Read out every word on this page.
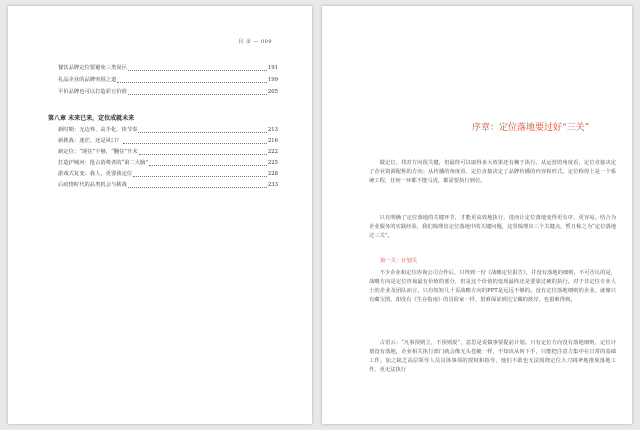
目 录 — 009
餐饮品牌定位要避免三类误区	191
礼品企业的品牌突围之道	199
平价品牌也可以打造彩豆价值	205
第八章 未来已来，定位成就未来
新时期：无边界、高手化、快节奏	213
新挑战：迷茫，还是风口？	216
新定位：“现住”不够，“翻住”升未	222
打造护城河：抢占消费者的“第二大脑”	225
游戏式复变：我人，更要我定位	228
后疫情时代的品类机会与挑战	233
序章：定位落地要过好“三关”

做定位，找对方向很关键，但最终可以取得多大效果还有赖于执行。从运营的角度看，定位直接决定了企业资源配称的方向；从传播的角度看，定位直接决定了品牌传播的内容和形式。定位称得上是一个系统工程，任何一环都不能马虎，都需要执行到位。

只有明确了定位落地的关键环节，才能更高效地执行，进而让定位落地变得更有序、更容易。结合为企业服务的实践经验，我们梳理出定位落地中的关键问题，这里梳理出三个关键点，暂且称之为“定位落地过三关”。

第一关：计划关

不少企业和定位咨询公司合作后，只得到一份《战略定位报告》，并没有落地的细则，不可否认的是，战略方向是定位咨询最有价值的部分，但是这个价值的变现最终还是要靠过硬的执行。对于非定位专业人士的企业及团队而言，只有短短几十页战略方向的PPT是远远不够的。没有定位落地细则的企业，就像只有藏宝图，却没有《生存指南》的冒险家一样，很难保证到达宝藏的彼岸，也很难得到。

古语云：“凡事预则立，不预则废”，意思是说做事要提前计划。只有定位方向没有落地细则，定位计划没有落地，企业相关执行部门就会像无头苍蝇一样，不知该从何下手，只能把注意力集中在日常的基础工作。加之缺乏高层领导人员具体事项的授权和指导，他们不敢也无法围绕定位大刀阔斧地推展落地工作，更无法执行
